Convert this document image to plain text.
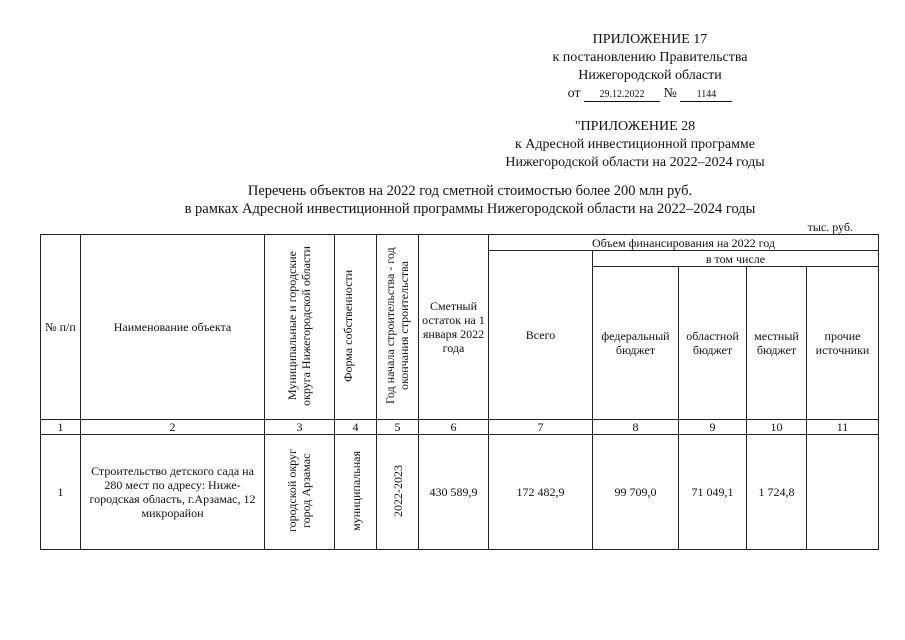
ПРИЛОЖЕНИЕ 17
к постановлению Правительства
Нижегородской области
от 29.12.2022 № 1144
"ПРИЛОЖЕНИЕ 28
к Адресной инвестиционной программе
Нижегородской области на 2022–2024 годы
Перечень объектов на 2022 год сметной стоимостью более 200 млн руб.
в рамках Адресной инвестиционной программы Нижегородской области на 2022–2024 годы
тыс. руб.
№ п/п	Наименование объекта	Муниципальные и городские округа Нижегородской области	Форма собственности	Год начала строительства - год окончания строительства	Сметный остаток на 1 января 2022 года	Объем финансирования на 2022 год				
						Всего	в том числе			
							федеральный бюджет	областной бюджет	местный бюджет	прочие источники
1	2	3	4	5	6	7	8	9	10	11
1	Строительство детского сада на 280 мест по адресу: Ниже-городская область, г.Арзамас, 12 микрорайон	городской округ город Арзамас	муниципальная	2022-2023	430 589,9	172 482,9	99 709,0	71 049,1	1 724,8	
